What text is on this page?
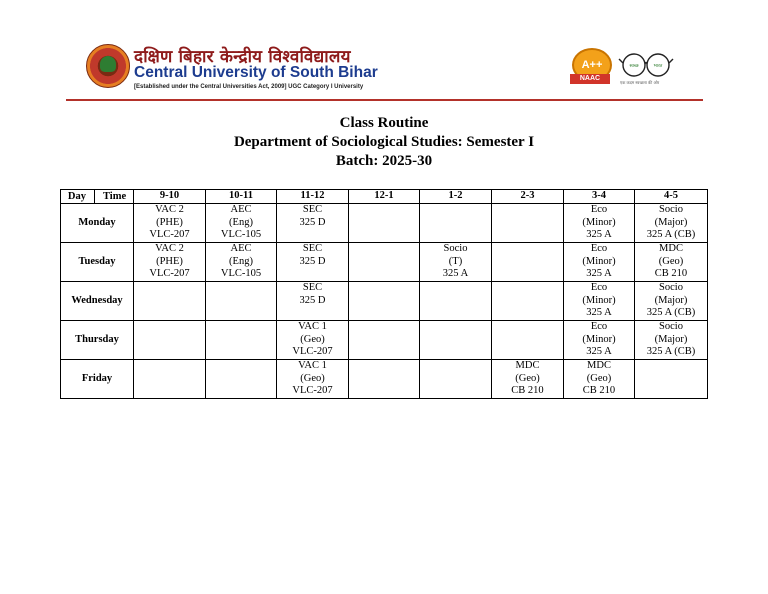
दक्षिण बिहार केन्द्रीय विश्वविद्यालय
Central University of South Bihar
[Established under the Central Universities Act, 2009] UGC Category I University
A++
NAAC
स्वच्छ	भारत
एक कदम स्वच्छता की ओर
Class Routine
Department of Sociological Studies: Semester I
Batch: 2025-30
Day Time	9-10	10-11	11-12	12-1	1-2	2-3	3-4	4-5
Monday	VAC 2
(PHE)
VLC-207	AEC
(Eng)
VLC-105	SEC
325 D				Eco
(Minor)
325 A	Socio
(Major)
325 A (CB)

Tuesday	VAC 2
(PHE)
VLC-207	AEC
(Eng)
VLC-105	SEC
325 D		Socio
(T)
325 A		Eco
(Minor)
325 A	MDC
(Geo)
CB 210

Wednesday			SEC
325 D				Eco
(Minor)
325 A	Socio
(Major)
325 A (CB)

Thursday			VAC 1
(Geo)
VLC-207				Eco
(Minor)
325 A	Socio
(Major)
325 A (CB)

Friday			VAC 1
(Geo)
VLC-207			MDC
(Geo)
CB 210	MDC
(Geo)
CB 210	
